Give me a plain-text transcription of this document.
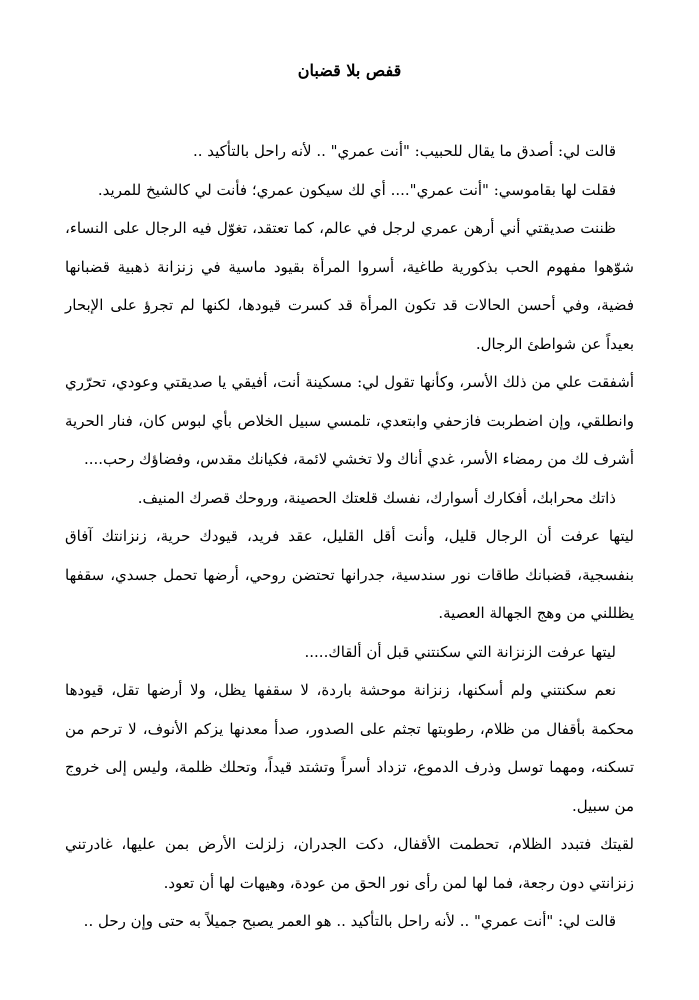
قفص بلا قضبان

قالت لي: أصدق ما يقال للحبيب: "أنت عمري" .. لأنه راحل بالتأكيد ..

فقلت لها بقاموسي: "أنت عمري".... أي لك سيكون عمري؛ فأنت لي كالشيخ للمريد.

ظننت صديقتي أني أرهن عمري لرجل في عالم، كما تعتقد، تغوّل فيه الرجال على النساء، شوّهوا مفهوم الحب بذكورية طاغية، أسروا المرأة بقيود ماسية في زنزانة ذهبية قضبانها فضية، وفي أحسن الحالات قد تكون المرأة قد كسرت قيودها، لكنها لم تجرؤ على الإبحار بعيداً عن شواطئ الرجال.

أشفقت علي من ذلك الأسر، وكأنها تقول لي: مسكينة أنت، أفيقي يا صديقتي وعودي، تحرّري وانطلقي، وإن اضطربت فازحفي وابتعدي، تلمسي سبيل الخلاص بأي لبوس كان، فنار الحرية أشرف لك من رمضاء الأسر، غدي أناك ولا تخشي لائمة، فكيانك مقدس، وفضاؤك رحب....

ذاتك محرابك، أفكارك أسوارك، نفسك قلعتك الحصينة، وروحك قصرك المنيف.

ليتها عرفت أن الرجال قليل، وأنت أقل القليل، عقد فريد، قيودك حرية، زنزانتك آفاق بنفسجية، قضبانك طاقات نور سندسية، جدرانها تحتضن روحي، أرضها تحمل جسدي، سقفها يظللني من وهج الجهالة العصية.

ليتها عرفت الزنزانة التي سكنتني قبل أن ألقاك.....

نعم سكنتني ولم أسكنها، زنزانة موحشة باردة، لا سقفها يظل، ولا أرضها تقل، قيودها محكمة بأقفال من ظلام، رطوبتها تجثم على الصدور، صدأ معدنها يزكم الأنوف، لا ترحم من تسكنه، ومهما توسل وذرف الدموع، تزداد أسراً وتشتد قيداً، وتحلك ظلمة، وليس إلى خروج من سبيل.

لقيتك فتبدد الظلام، تحطمت الأقفال، دكت الجدران، زلزلت الأرض بمن عليها، غادرتني زنزانتي دون رجعة، فما لها لمن رأى نور الحق من عودة، وهيهات لها أن تعود.

قالت لي: "أنت عمري" .. لأنه راحل بالتأكيد .. هو العمر يصبح جميلاً به حتى وإن رحل ..
